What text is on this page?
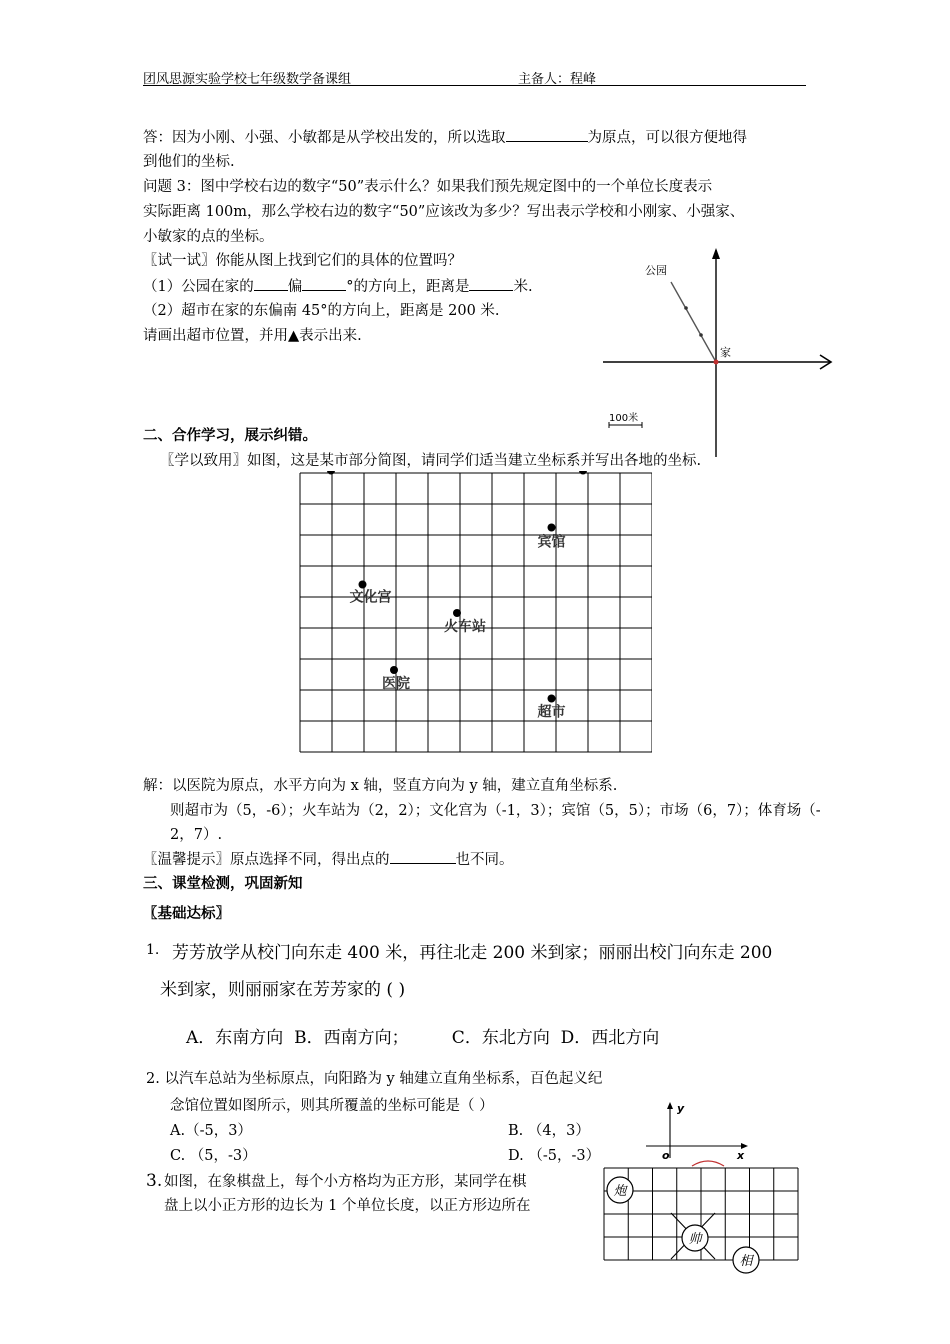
团风思源实验学校七年级数学备课组	主备人：程峰
答：因为小刚、小强、小敏都是从学校出发的，所以选取	为原点，可以很方便地得
到他们的坐标.
问题 3：图中学校右边的数字“50”表示什么？如果我们预先规定图中的一个单位长度表示
实际距离 100m，那么学校右边的数字“50”应该改为多少？写出表示学校和小刚家、小强家、
小敏家的点的坐标。
〖试一试〗你能从图上找到它们的具体的位置吗？
（1）公园在家的 偏	°的方向上，距离是	米.
（2）超市在家的东偏南 45°的方向上，距离是 200 米.
请画出超市位置，并用▲表示出来.
公园
家
100米
二、合作学习，展示纠错。
〖学以致用〗如图，这是某市部分简图，请同学们适当建立坐标系并写出各地的坐标.
宾馆
文化宫
火车站
医院
超市
解：以医院为原点，水平方向为 x 轴，竖直方向为 y 轴，建立直角坐标系.
则超市为（5，-6）；火车站为（2，2）；文化宫为（-1，3）；宾馆（5，5）；市场（6，7）；体育场（-
2，7）.
〖温馨提示〗原点选择不同，得出点的	也不同。
三、课堂检测，巩固新知
〖基础达标〗
1. 芳芳放学从校门向东走 400 米，再往北走 200 米到家；丽丽出校门向东走 200
米到家，则丽丽家在芳芳家的 ( )
A．东南方向  B．西南方向；        C．东北方向  D．西北方向
2. 以汽车总站为坐标原点，向阳路为 y 轴建立直角坐标系，百色起义纪
念馆位置如图所示，则其所覆盖的坐标可能是（ ）
A.（-5，3）	B. （4，3）
C. （5，-3）	D. （-5，-3）
y
x
o
3. 如图，在象棋盘上，每个小方格均为正方形，某同学在棋
盘上以小正方形的边长为 1 个单位长度，以正方形边所在
炮
帅
相
